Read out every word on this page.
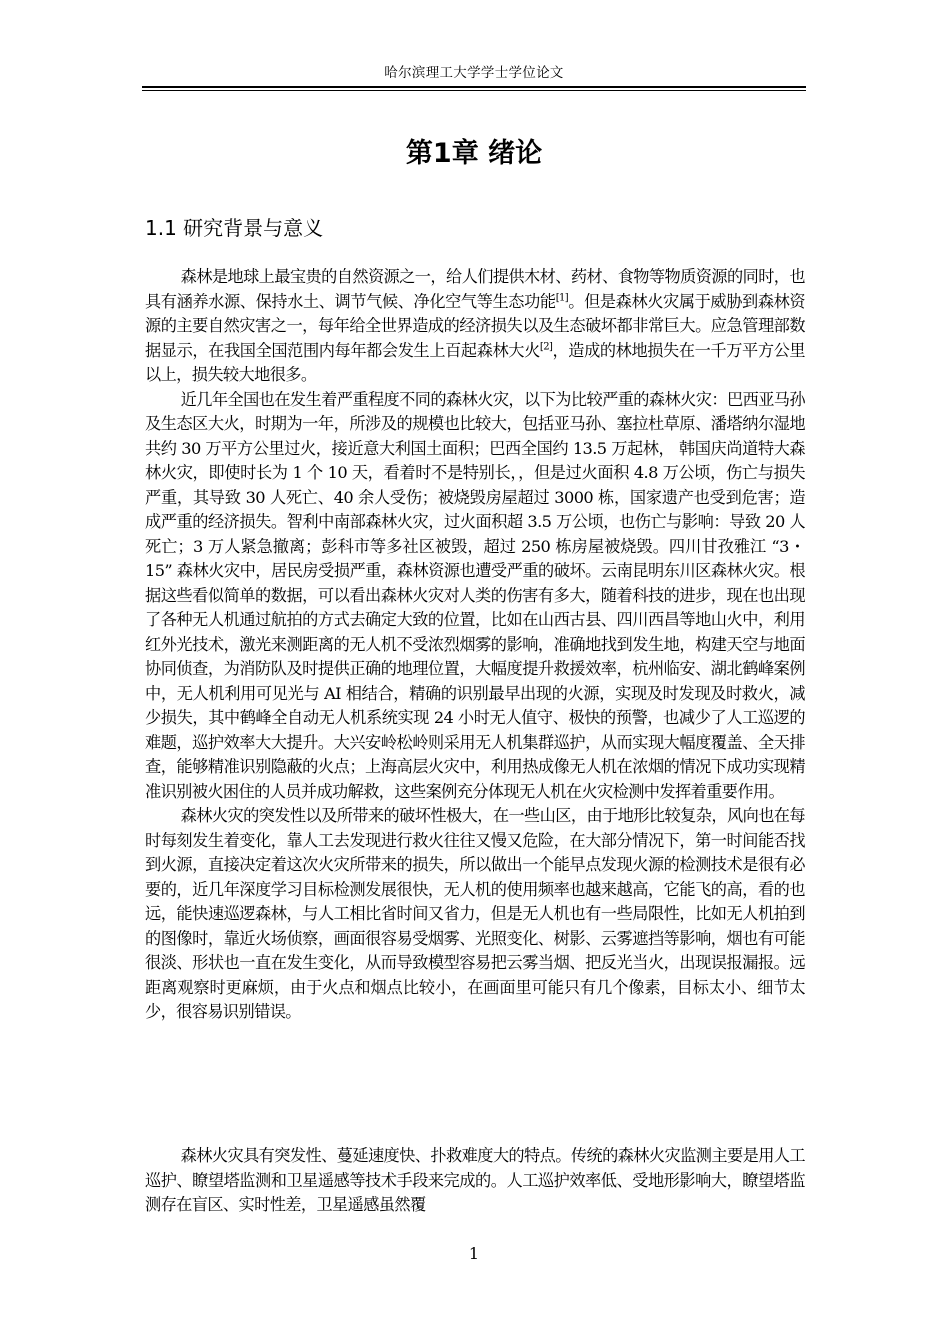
哈尔滨理工大学学士学位论文
第1章 绪论
1.1 研究背景与意义

森林是地球上最宝贵的自然资源之一，给人们提供木材、药材、食物等物质资源的同时，也具有涵养水源、保持水土、调节气候、净化空气等生态功能[1]。但是森林火灾属于威胁到森林资源的主要自然灾害之一，每年给全世界造成的经济损失以及生态破坏都非常巨大。应急管理部数据显示，在我国全国范围内每年都会发生上百起森林大火[2]，造成的林地损失在一千万平方公里以上，损失较大地很多。

近几年全国也在发生着严重程度不同的森林火灾，以下为比较严重的森林火灾：巴西亚马孙及生态区大火，时期为一年，所涉及的规模也比较大，包括亚马孙、塞拉杜草原、潘塔纳尔湿地共约 30 万平方公里过火，接近意大利国土面积；巴西全国约 13.5 万起林， 韩国庆尚道特大森林火灾，即使时长为 1 个 10 天，看着时不是特别长，，但是过火面积 4.8 万公顷，伤亡与损失严重，其导致 30 人死亡、40 余人受伤；被烧毁房屋超过 3000 栋，国家遗产也受到危害；造成严重的经济损失。智利中南部森林火灾，过火面积超 3.5 万公顷，也伤亡与影响：导致 20 人死亡；3 万人紧急撤离；彭科市等多社区被毁，超过 250 栋房屋被烧毁。四川甘孜雅江 “3・15” 森林火灾中，居民房受损严重，森林资源也遭受严重的破坏。云南昆明东川区森林火灾。根据这些看似简单的数据，可以看出森林火灾对人类的伤害有多大，随着科技的进步，现在也出现了各种无人机通过航拍的方式去确定大致的位置，比如在山西古县、四川西昌等地山火中，利用红外光技术，激光来测距离的无人机不受浓烈烟雾的影响，准确地找到发生地，构建天空与地面协同侦查，为消防队及时提供正确的地理位置，大幅度提升救援效率，杭州临安、湖北鹤峰案例中，无人机利用可见光与 AI 相结合，精确的识别最早出现的火源，实现及时发现及时救火，减少损失，其中鹤峰全自动无人机系统实现 24 小时无人值守、极快的预警，也减少了人工巡逻的难题，巡护效率大大提升。大兴安岭松岭则采用无人机集群巡护，从而实现大幅度覆盖、全天排查，能够精准识别隐蔽的火点；上海高层火灾中，利用热成像无人机在浓烟的情况下成功实现精准识别被火困住的人员并成功解救，这些案例充分体现无人机在火灾检测中发挥着重要作用。

森林火灾的突发性以及所带来的破坏性极大，在一些山区，由于地形比较复杂，风向也在每时每刻发生着变化，靠人工去发现进行救火往往又慢又危险，在大部分情况下，第一时间能否找到火源，直接决定着这次火灾所带来的损失，所以做出一个能早点发现火源的检测技术是很有必要的，近几年深度学习目标检测发展很快，无人机的使用频率也越来越高，它能飞的高，看的也远，能快速巡逻森林，与人工相比省时间又省力，但是无人机也有一些局限性，比如无人机拍到的图像时，靠近火场侦察，画面很容易受烟雾、光照变化、树影、云雾遮挡等影响，烟也有可能很淡、形状也一直在发生变化，从而导致模型容易把云雾当烟、把反光当火，出现误报漏报。远距离观察时更麻烦，由于火点和烟点比较小，在画面里可能只有几个像素，目标太小、细节太少，很容易识别错误。

森林火灾具有突发性、蔓延速度快、扑救难度大的特点。传统的森林火灾监测主要是用人工巡护、瞭望塔监测和卫星遥感等技术手段来完成的。人工巡护效率低、受地形影响大，瞭望塔监测存在盲区、实时性差，卫星遥感虽然覆

1
